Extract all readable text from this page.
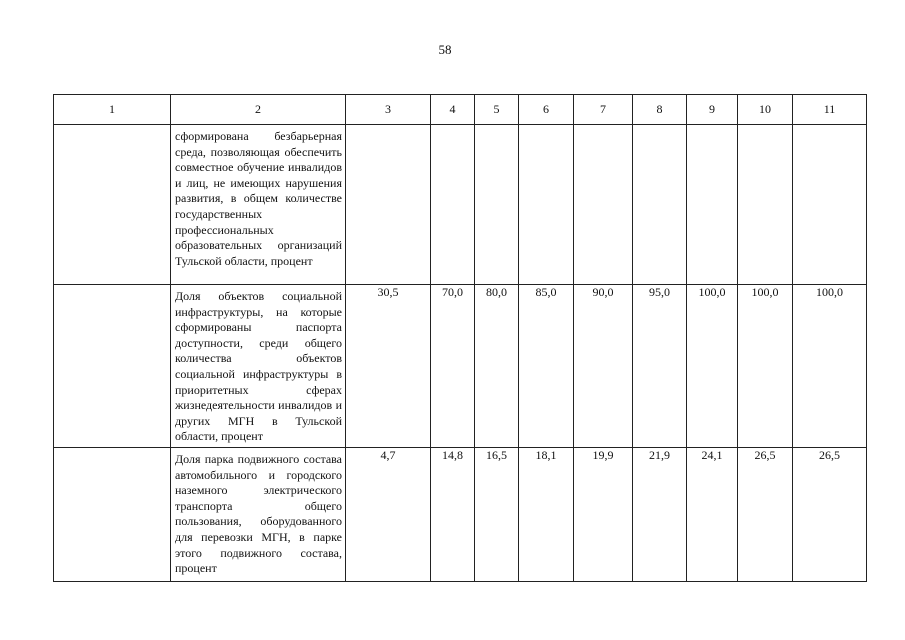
58
1	2	3	4	5	6	7	8	9	10	11

	сформирована безбарьерная среда, позволяющая обеспечить совместное обучение инвалидов и лиц, не имеющих нарушения развития, в общем количестве государственных профессиональных образовательных организаций Тульской области, процент									

	Доля объектов социальной инфраструктуры, на которые сформированы паспорта доступности, среди общего количества объектов социальной инфраструктуры в приоритетных сферах жизнедеятельности инвалидов и других МГН в Тульской области, процент	30,5	70,0	80,0	85,0	90,0	95,0	100,0	100,0	100,0

	Доля парка подвижного состава автомобильного и городского наземного электрического транспорта общего пользования, оборудованного для перевозки МГН, в парке этого подвижного состава, процент	4,7	14,8	16,5	18,1	19,9	21,9	24,1	26,5	26,5
